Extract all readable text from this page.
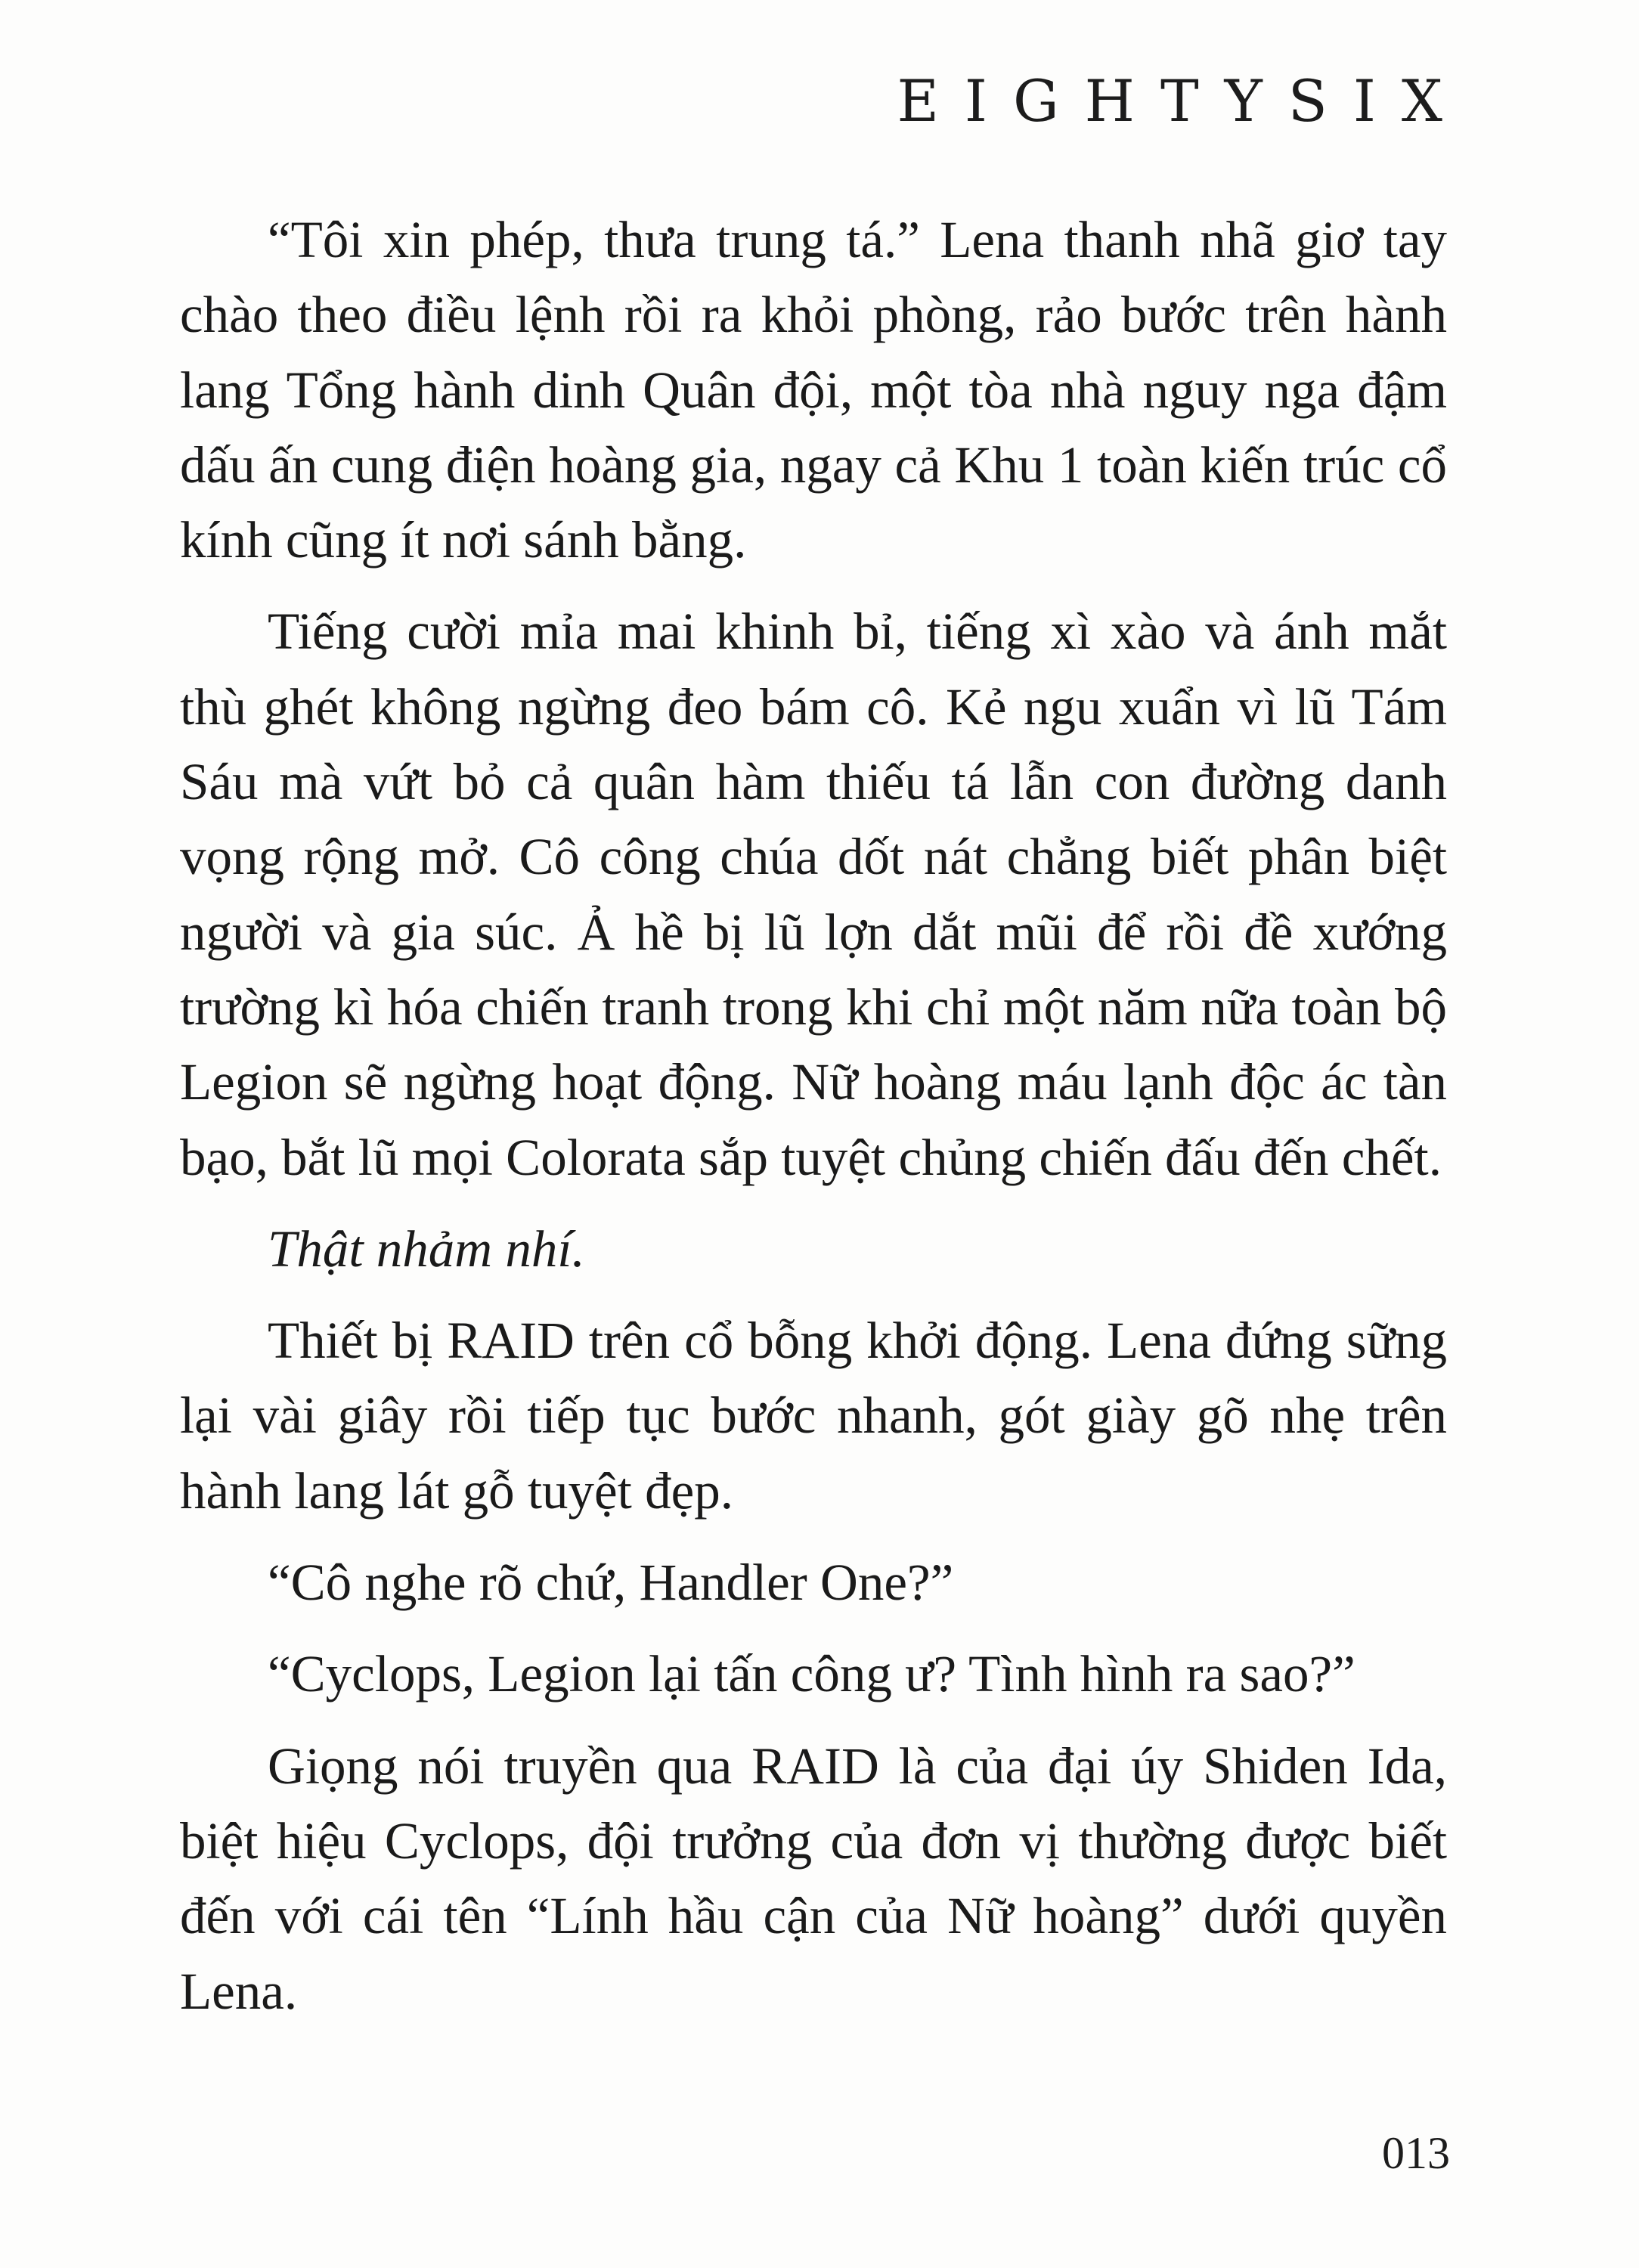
EIGHTYSIX

“Tôi xin phép, thưa trung tá.” Lena thanh nhã giơ tay chào theo điều lệnh rồi ra khỏi phòng, rảo bước trên hành lang Tổng hành dinh Quân đội, một tòa nhà nguy nga đậm dấu ấn cung điện hoàng gia, ngay cả Khu 1 toàn kiến trúc cổ kính cũng ít nơi sánh bằng.

Tiếng cười mỉa mai khinh bỉ, tiếng xì xào và ánh mắt thù ghét không ngừng đeo bám cô. Kẻ ngu xuẩn vì lũ Tám Sáu mà vứt bỏ cả quân hàm thiếu tá lẫn con đường danh vọng rộng mở. Cô công chúa dốt nát chẳng biết phân biệt người và gia súc. Ả hề bị lũ lợn dắt mũi để rồi đề xướng trường kì hóa chiến tranh trong khi chỉ một năm nữa toàn bộ Legion sẽ ngừng hoạt động. Nữ hoàng máu lạnh độc ác tàn bạo, bắt lũ mọi Colorata sắp tuyệt chủng chiến đấu đến chết.

Thật nhảm nhí.

Thiết bị RAID trên cổ bỗng khởi động. Lena đứng sững lại vài giây rồi tiếp tục bước nhanh, gót giày gõ nhẹ trên hành lang lát gỗ tuyệt đẹp.

“Cô nghe rõ chứ, Handler One?”

“Cyclops, Legion lại tấn công ư? Tình hình ra sao?”

Giọng nói truyền qua RAID là của đại úy Shiden Ida, biệt hiệu Cyclops, đội trưởng của đơn vị thường được biết đến với cái tên “Lính hầu cận của Nữ hoàng” dưới quyền Lena.

013
